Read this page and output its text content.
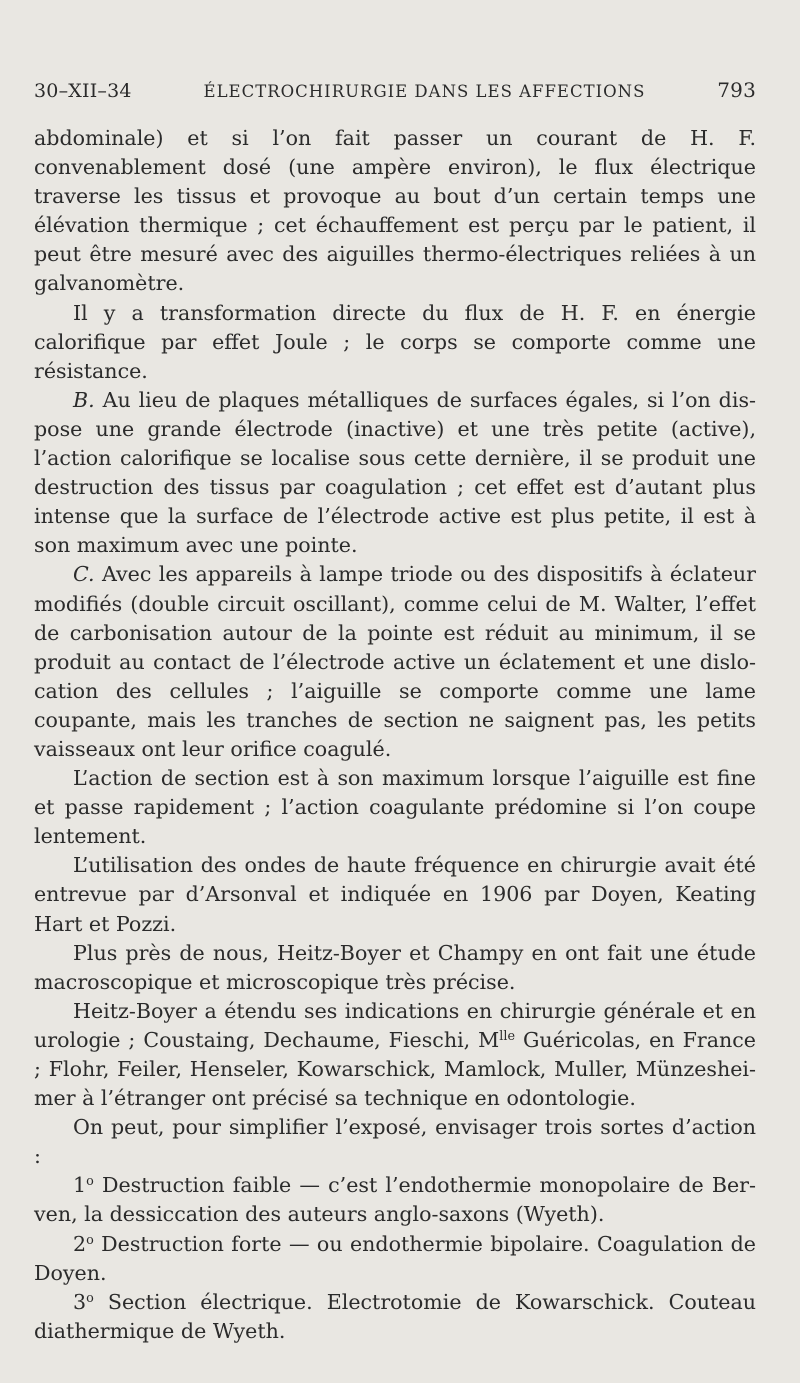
30–XII–34	ÉLECTROCHIRURGIE DANS LES AFFECTIONS	793

abdominale) et si l’on fait passer un courant de H. F. convenablement dosé (une ampère environ), le flux électrique traverse les tissus et provoque au bout d’un certain temps une élévation thermique ; cet échauffement est perçu par le patient, il peut être mesuré avec des aiguilles thermo-électriques reliées à un galvanomètre.

Il y a transformation directe du flux de H. F. en énergie calorifique par effet Joule ; le corps se comporte comme une résistance.

B. Au lieu de plaques métalliques de surfaces égales, si l’on dispose une grande électrode (inactive) et une très petite (active), l’action calorifique se localise sous cette dernière, il se produit une destruction des tissus par coagulation ; cet effet est d’autant plus intense que la surface de l’électrode active est plus petite, il est à son maximum avec une pointe.

C. Avec les appareils à lampe triode ou des dispositifs à éclateur modifiés (double circuit oscillant), comme celui de M. Walter, l’effet de carbonisation autour de la pointe est réduit au minimum, il se produit au contact de l’électrode active un éclatement et une dislocation des cellules ; l’aiguille se comporte comme une lame coupante, mais les tranches de section ne saignent pas, les petits vaisseaux ont leur orifice coagulé.

L’action de section est à son maximum lorsque l’aiguille est fine et passe rapidement ; l’action coagulante prédomine si l’on coupe lentement.

L’utilisation des ondes de haute fréquence en chirurgie avait été entrevue par d’Arsonval et indiquée en 1906 par Doyen, Keating Hart et Pozzi.

Plus près de nous, Heitz-Boyer et Champy en ont fait une étude macroscopique et microscopique très précise.

Heitz-Boyer a étendu ses indications en chirurgie générale et en urologie ; Coustaing, Dechaume, Fieschi, $M^{lle}$ Guéricolas, en France ; Flohr, Feiler, Henseler, Kowarschick, Mamlock, Muller, Münzesheimer à l’étranger ont précisé sa technique en odontologie.

On peut, pour simplifier l’exposé, envisager trois sortes d’action :

1$^o$ Destruction faible — c’est l’endothermie monopolaire de Berven, la dessiccation des auteurs anglo-saxons (Wyeth).

2$^o$ Destruction forte — ou endothermie bipolaire. Coagulation de Doyen.

3$^o$ Section électrique. Electrotomie de Kowarschick. Couteau diathermique de Wyeth.
